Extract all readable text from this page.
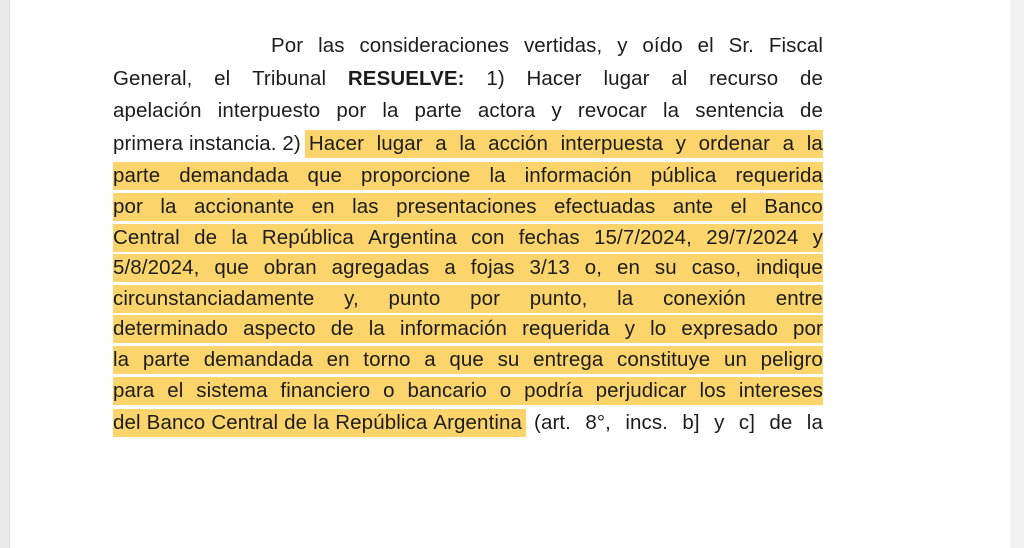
Por las consideraciones vertidas, y oído el Sr. Fiscal
General, el Tribunal RESUELVE: 1) Hacer lugar al recurso de
apelación interpuesto por la parte actora y revocar la sentencia de
primera instancia. 2) Hacer lugar a la acción interpuesta y ordenar a la
parte demandada que proporcione la información pública requerida
por la accionante en las presentaciones efectuadas ante el Banco
Central de la República Argentina con fechas 15/7/2024, 29/7/2024 y
5/8/2024, que obran agregadas a fojas 3/13 o, en su caso, indique
circunstanciadamente y, punto por punto, la conexión entre
determinado aspecto de la información requerida y lo expresado por
la parte demandada en torno a que su entrega constituye un peligro
para el sistema financiero o bancario o podría perjudicar los intereses
del Banco Central de la República Argentina (art. 8°, incs. b] y c] de la
